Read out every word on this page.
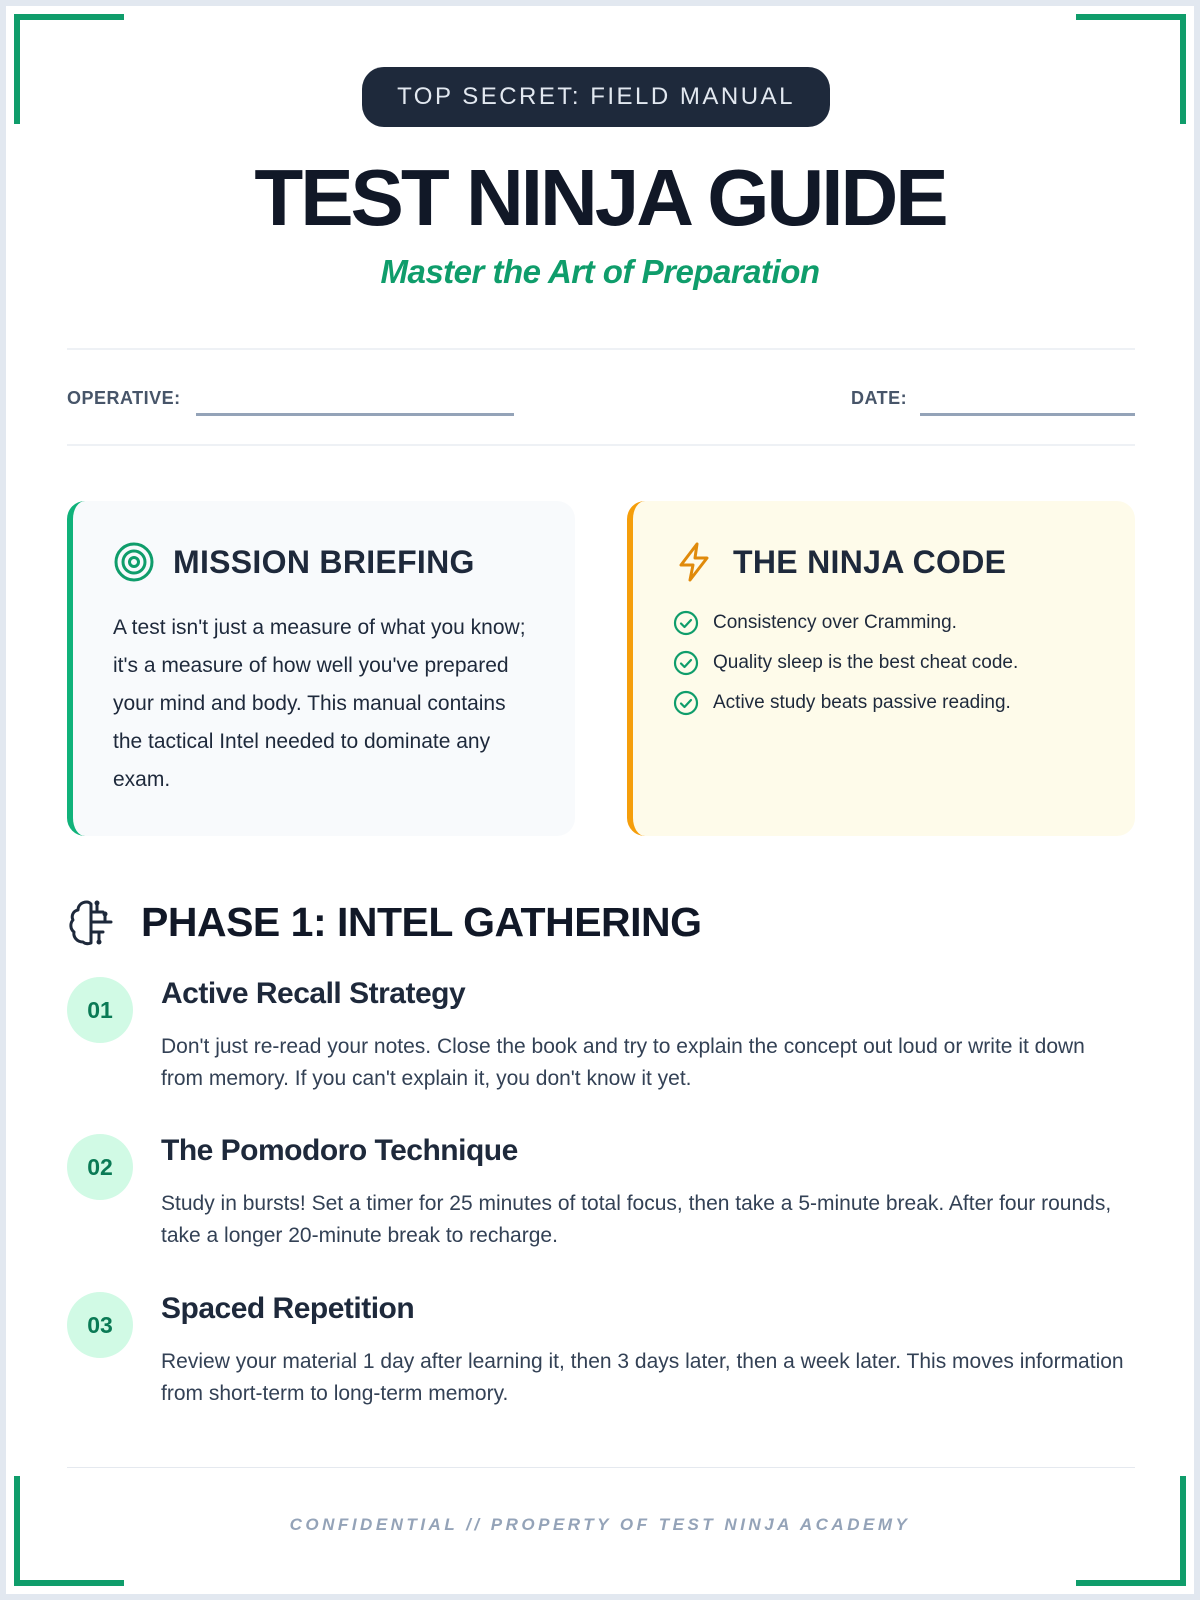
TOP SECRET: FIELD MANUAL
TEST NINJA GUIDE
Master the Art of Preparation
OPERATIVE:	DATE:
MISSION BRIEFING
A test isn't just a measure of what you know; it's a measure of how well you've prepared your mind and body. This manual contains the tactical Intel needed to dominate any exam.
THE NINJA CODE
Consistency over Cramming.
Quality sleep is the best cheat code.
Active study beats passive reading.
PHASE 1: INTEL GATHERING
01	Active Recall Strategy
Don't just re-read your notes. Close the book and try to explain the concept out loud or write it down from memory. If you can't explain it, you don't know it yet.
02	The Pomodoro Technique
Study in bursts! Set a timer for 25 minutes of total focus, then take a 5-minute break. After four rounds, take a longer 20-minute break to recharge.
03	Spaced Repetition
Review your material 1 day after learning it, then 3 days later, then a week later. This moves information from short-term to long-term memory.
CONFIDENTIAL // PROPERTY OF TEST NINJA ACADEMY
